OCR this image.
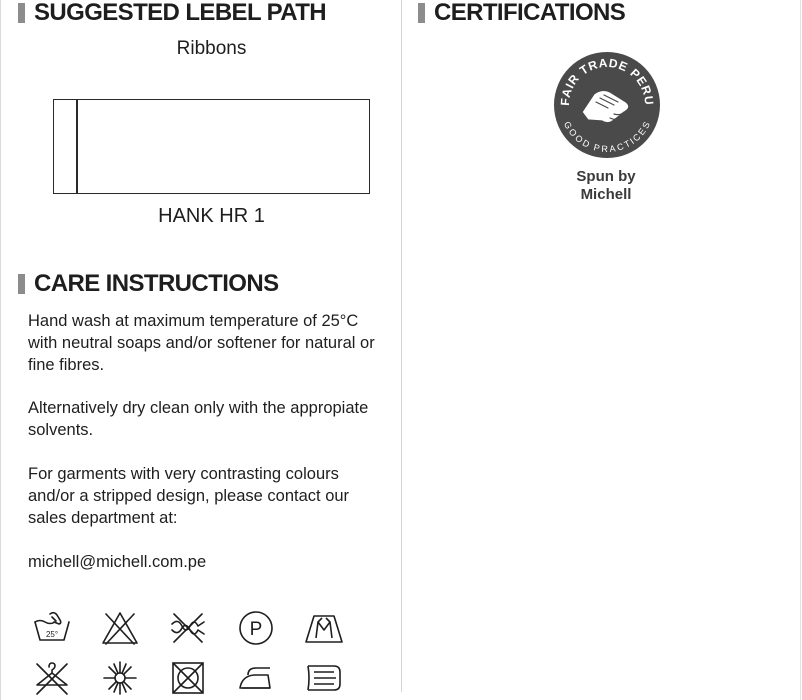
SUGGESTED LEBEL PATH
Ribbons
HANK HR 1
CARE INSTRUCTIONS
Hand wash at maximum temperature of 25°C with neutral soaps and/or softener for natural or fine fibres.
Alternatively dry clean only with the appropiate solvents.
For garments with very contrasting colours and/or a stripped design, please contact our sales department at:
michell@michell.com.pe
25°	P
CERTIFICATIONS
FAIR TRADE PERU
GOOD PRACTICES
Spun by
Michell
